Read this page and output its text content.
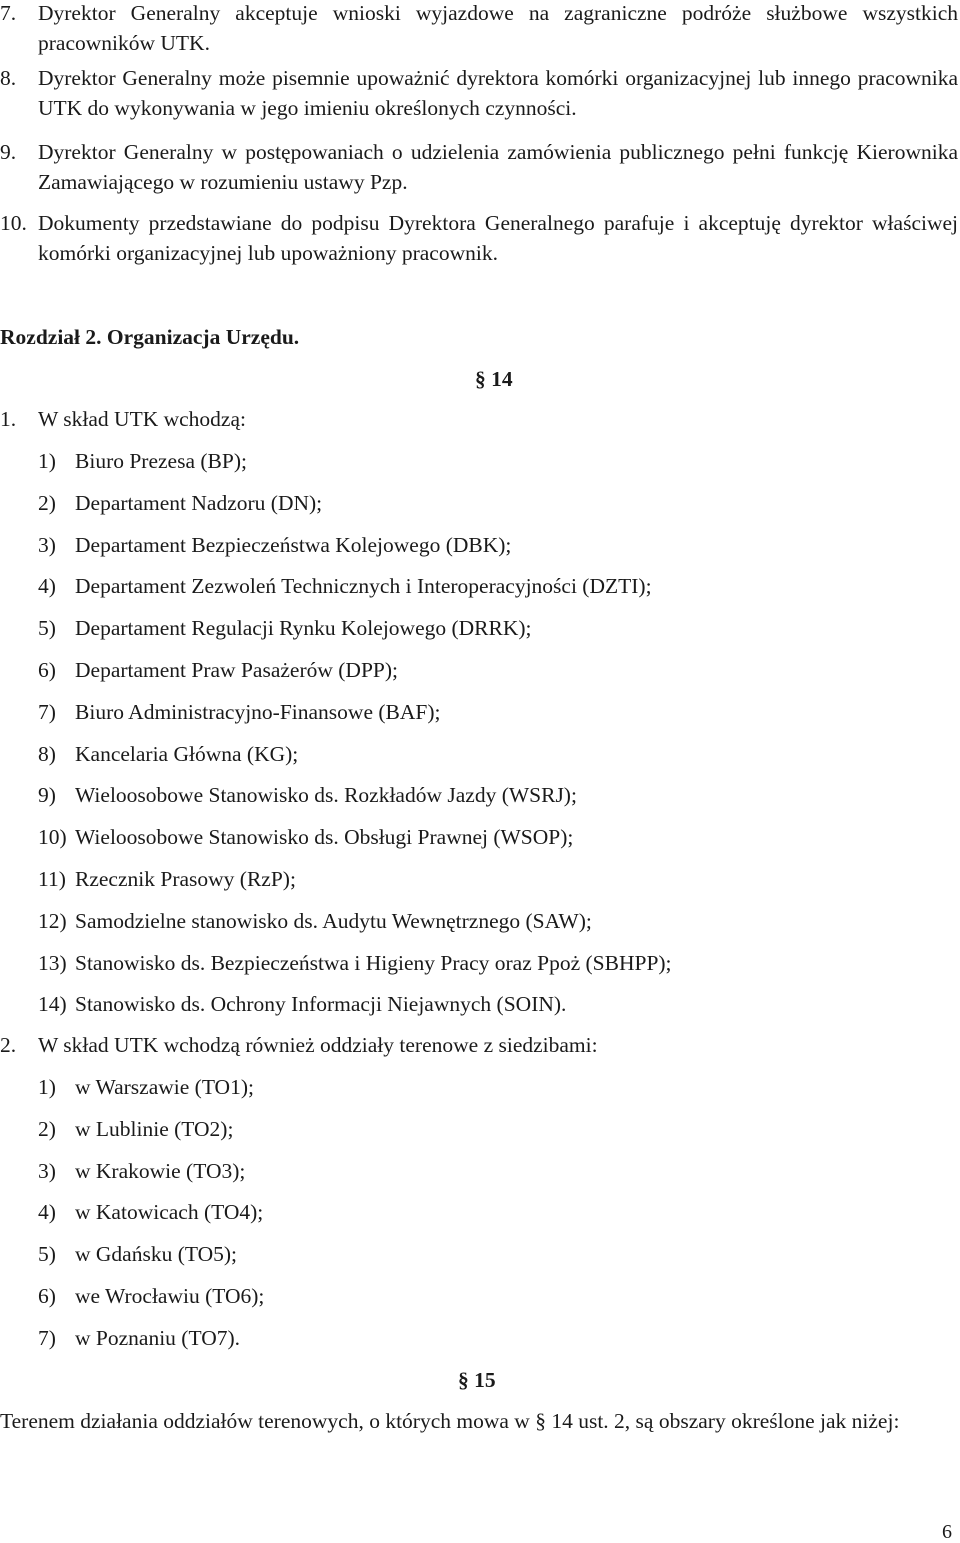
7.	Dyrektor Generalny akceptuje wnioski wyjazdowe na zagraniczne podróże służbowe wszystkich pracowników UTK.
8.	Dyrektor Generalny może pisemnie upoważnić dyrektora komórki organizacyjnej lub innego pracownika UTK do wykonywania w jego imieniu określonych czynności.
9.	Dyrektor Generalny w postępowaniach o udzielenia zamówienia publicznego pełni funkcję Kierownika Zamawiającego w rozumieniu ustawy Pzp.
10. Dokumenty przedstawiane do podpisu Dyrektora Generalnego parafuje i akceptuję dyrektor właściwej komórki organizacyjnej lub upoważniony pracownik.
Rozdział 2. Organizacja Urzędu.
§ 14
1. W skład UTK wchodzą:
1) Biuro Prezesa (BP);
2) Departament Nadzoru (DN);
3) Departament Bezpieczeństwa Kolejowego (DBK);
4) Departament Zezwoleń Technicznych i Interoperacyjności (DZTI);
5) Departament Regulacji Rynku Kolejowego (DRRK);
6) Departament Praw Pasażerów (DPP);
7) Biuro Administracyjno-Finansowe (BAF);
8) Kancelaria Główna (KG);
9) Wieloosobowe Stanowisko ds. Rozkładów Jazdy (WSRJ);
10) Wieloosobowe Stanowisko ds. Obsługi Prawnej (WSOP);
11) Rzecznik Prasowy (RzP);
12) Samodzielne stanowisko ds. Audytu Wewnętrznego (SAW);
13) Stanowisko ds. Bezpieczeństwa i Higieny Pracy oraz Ppoż (SBHPP);
14) Stanowisko ds. Ochrony Informacji Niejawnych (SOIN).
2. W skład UTK wchodzą również oddziały terenowe z siedzibami:
1) w Warszawie (TO1);
2) w Lublinie (TO2);
3) w Krakowie (TO3);
4) w Katowicach (TO4);
5) w Gdańsku (TO5);
6) we Wrocławiu (TO6);
7) w Poznaniu (TO7).
§ 15
Terenem działania oddziałów terenowych, o których mowa w § 14 ust. 2, są obszary określone jak niżej:
6
